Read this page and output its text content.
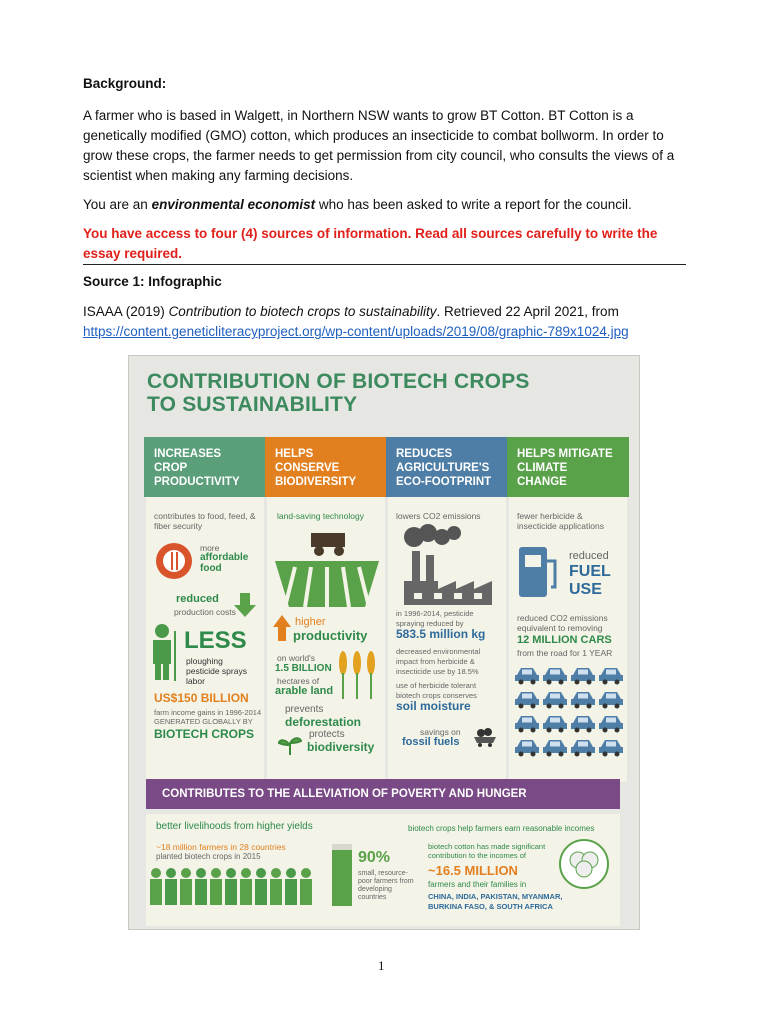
Background:
A farmer who is based in Walgett, in Northern NSW wants to grow BT Cotton. BT Cotton is a genetically modified (GMO) cotton, which produces an insecticide to combat bollworm. In order to grow these crops, the farmer needs to get permission from city council, who consults the views of a scientist when making any farming decisions.
You are an environmental economist who has been asked to write a report for the council.
You have access to four (4) sources of information. Read all sources carefully to write the essay required.
Source 1: Infographic
ISAAA (2019) Contribution to biotech crops to sustainability. Retrieved 22 April 2021, from
https://content.geneticliteracyproject.org/wp-content/uploads/2019/08/graphic-789x1024.jpg
CONTRIBUTION OF BIOTECH CROPS
TO SUSTAINABILITY
INCREASES
CROP
PRODUCTIVITY
contributes to food, feed, & fiber security
more
affordable
food
reduced
production costs
LESS
ploughing
pesticide sprays
labor
US$150 BILLION
farm income gains in 1996-2014
GENERATED GLOBALLY BY
BIOTECH CROPS
HELPS
CONSERVE
BIODIVERSITY
land-saving technology
higher
productivity
on world's
1.5 BILLION
hectares of
arable land
prevents
deforestation
protects
biodiversity
REDUCES
AGRICULTURE'S
ECO-FOOTPRINT
lowers CO2 emissions
in 1996-2014, pesticide spraying reduced by
583.5 million kg
decreased environmental impact from herbicide & insecticide use by 18.5%
use of herbicide tolerant biotech crops conserves
soil moisture
savings on
fossil fuels
HELPS MITIGATE
CLIMATE
CHANGE
fewer herbicide & insecticide applications
reduced
FUEL
USE
reduced CO2 emissions
equivalent to removing
12 MILLION CARS
from the road for 1 YEAR
CONTRIBUTES TO THE ALLEVIATION OF POVERTY AND HUNGER
better livelihoods from higher yields	biotech crops help farmers earn reasonable incomes
~18 million farmers in 28 countries
planted biotech crops in 2015	90%
small, resource-poor farmers from developing countries
biotech cotton has made significant contribution to the incomes of
~16.5 MILLION
farmers and their families in
CHINA, INDIA, PAKISTAN, MYANMAR,
BURKINA FASO, & SOUTH AFRICA
1
